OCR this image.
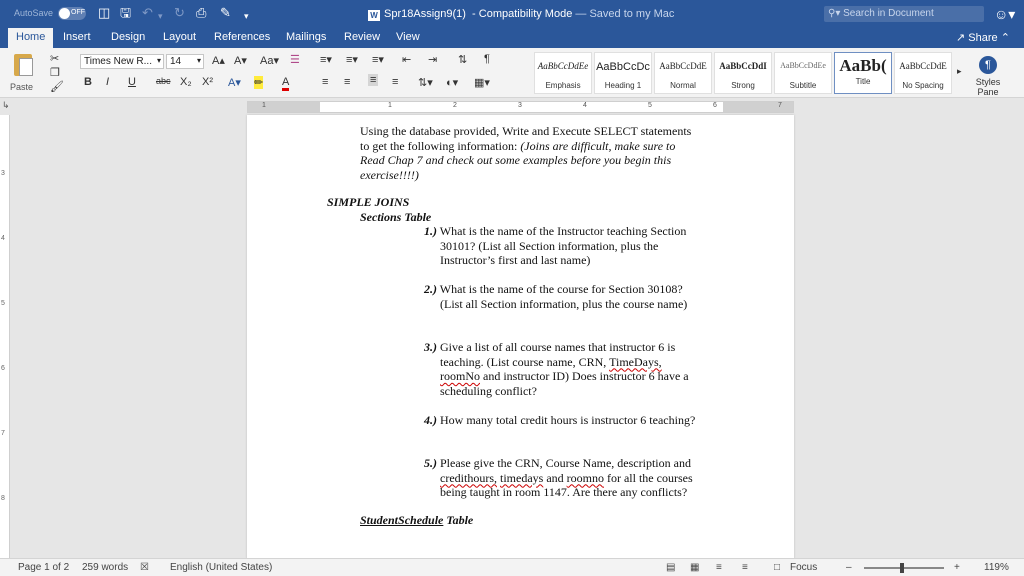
AutoSave	OFF ◫ 🖫 ↶ ▾ ↻ ⎙ ✎ ▾	W Spr18Assign9(1)  - Compatibility Mode — Saved to my Mac	⚲▾ Search in Document	☺▾
Home	Insert Design Layout References Mailings Review View	↗ Share ⌃
Paste
✂
❐
🖌
Times New R... ▾ 14 ▾ A▴ A▾ Aa▾ ☰
B I U abc X₂ X² A▾ ✏ A
≡▾ ≡▾ ≡▾ ⇤ ⇥ ⇅ ¶
≡ ≡ ≡ ≡ ⇅▾ ◐▾ ▦▾
AaBbCcDdEe
Emphasis
AaBbCcDc
Heading 1
AaBbCcDdE
Normal
AaBbCcDdI
Strong
AaBbCcDdEe
Subtitle
AaBb(
Title
AaBbCcDdE
No Spacing
▸	¶
Styles Pane
↳	1	1	2	3	4	5	6	7
3
4
5
6
7
8
Using the database provided, Write and Execute SELECT statements
to get the following information: (Joins are difficult, make sure to
Read Chap 7 and check out some examples before you begin this
exercise!!!!)
SIMPLE JOINS
Sections Table
1.) What is the name of the Instructor teaching Section
30101? (List all Section information, plus the
Instructor’s first and last name)
2.) What is the name of the course for Section 30108?
(List all Section information, plus the course name)
3.) Give a list of all course names that instructor 6 is
teaching. (List course name, CRN, TimeDays,
roomNo and instructor ID) Does instructor 6 have a
scheduling conflict?
4.) How many total credit hours is instructor 6 teaching?
5.) Please give the CRN, Course Name, description and
credithours, timedays and roomno for all the courses
being taught in room 1147. Are there any conflicts?
StudentSchedule Table
Page 1 of 2 259 words ☒ English (United States)	▤ ▦ ≡ ≡	□ Focus	–	+ 119%
